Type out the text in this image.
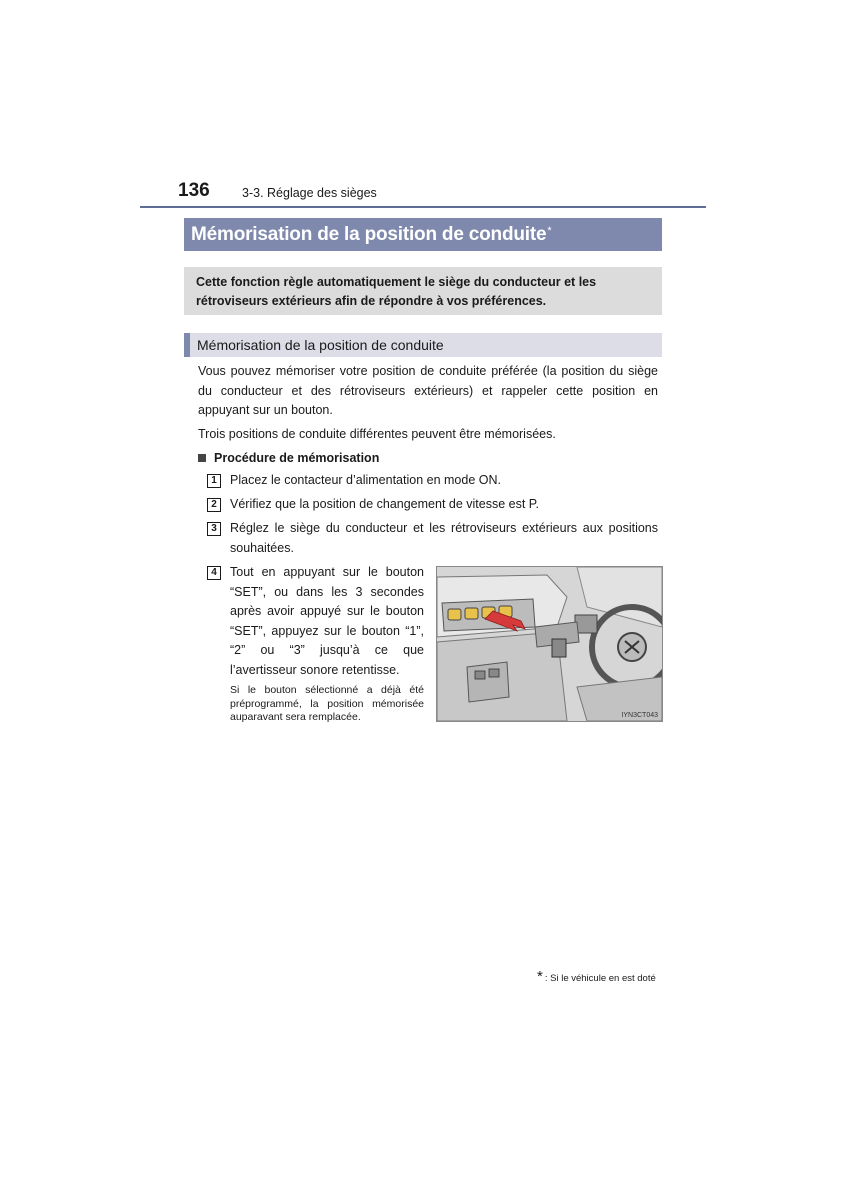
136	3-3. Réglage des sièges
Mémorisation de la position de conduite*
Cette fonction règle automatiquement le siège du conducteur et les rétroviseurs extérieurs afin de répondre à vos préférences.
Mémorisation de la position de conduite
Vous pouvez mémoriser votre position de conduite préférée (la position du siège du conducteur et des rétroviseurs extérieurs) et rappeler cette position en appuyant sur un bouton.
Trois positions de conduite différentes peuvent être mémorisées.
Procédure de mémorisation
1	Placez le contacteur d’alimentation en mode ON.
2	Vérifiez que la position de changement de vitesse est P.
3	Réglez le siège du conducteur et les rétroviseurs extérieurs aux positions souhaitées.
4	Tout en appuyant sur le bouton “SET”, ou dans les 3 secondes après avoir appuyé sur le bouton “SET”, appuyez sur le bouton “1”, “2” ou “3” jusqu’à ce que l’avertisseur sonore retentisse.
Si le bouton sélectionné a déjà été préprogrammé, la position mémorisée auparavant sera remplacée.	IYN3CT043
* : Si le véhicule en est doté
